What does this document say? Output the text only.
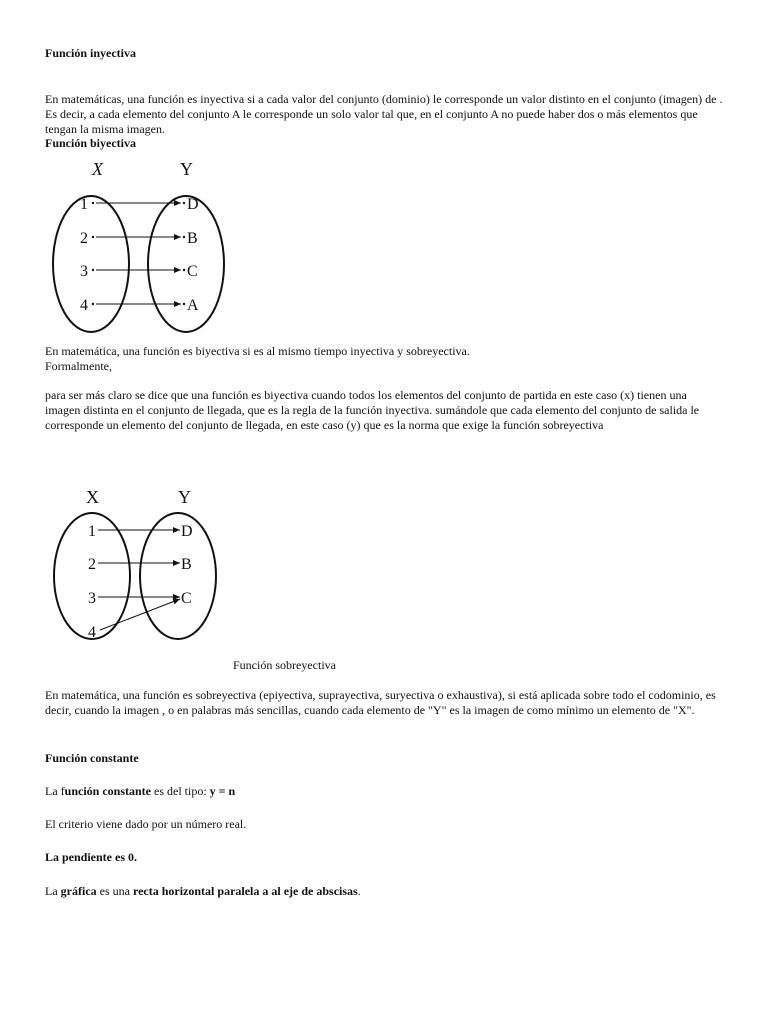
Función inyectiva

En matemáticas, una función es inyectiva si a cada valor del conjunto (dominio) le corresponde un valor distinto en el conjunto (imagen) de . Es decir, a cada elemento del conjunto A le corresponde un solo valor tal que, en el conjunto A no puede haber dos o más elementos que tengan la misma imagen.

Función biyectiva

X	Y
1
2
3
4
D
B
C
A

En matemática, una función es biyectiva si es al mismo tiempo inyectiva y sobreyectiva.

Formalmente,

para ser más claro se dice que una función es biyectiva cuando todos los elementos del conjunto de partida en este caso (x) tienen una imagen distinta en el conjunto de llegada, que es la regla de la función inyectiva. sumándole que cada elemento del conjunto de salida le corresponde un elemento del conjunto de llegada, en este caso (y) que es la norma que exige la función sobreyectiva

X	Y
1
2
3
4
D
B
C

Función sobreyectiva

En matemática, una función es sobreyectiva (epiyectiva, suprayectiva, suryectiva o exhaustiva), si está aplicada sobre todo el codominio, es decir, cuando la imagen , o en palabras más sencillas, cuando cada elemento de "Y" es la imagen de como mínimo un elemento de "X".

Función constante

La función constante es del tipo: y = n

El criterio viene dado por un número real.

La pendiente es 0.

La gráfica es una recta horizontal paralela a al eje de abscisas.
